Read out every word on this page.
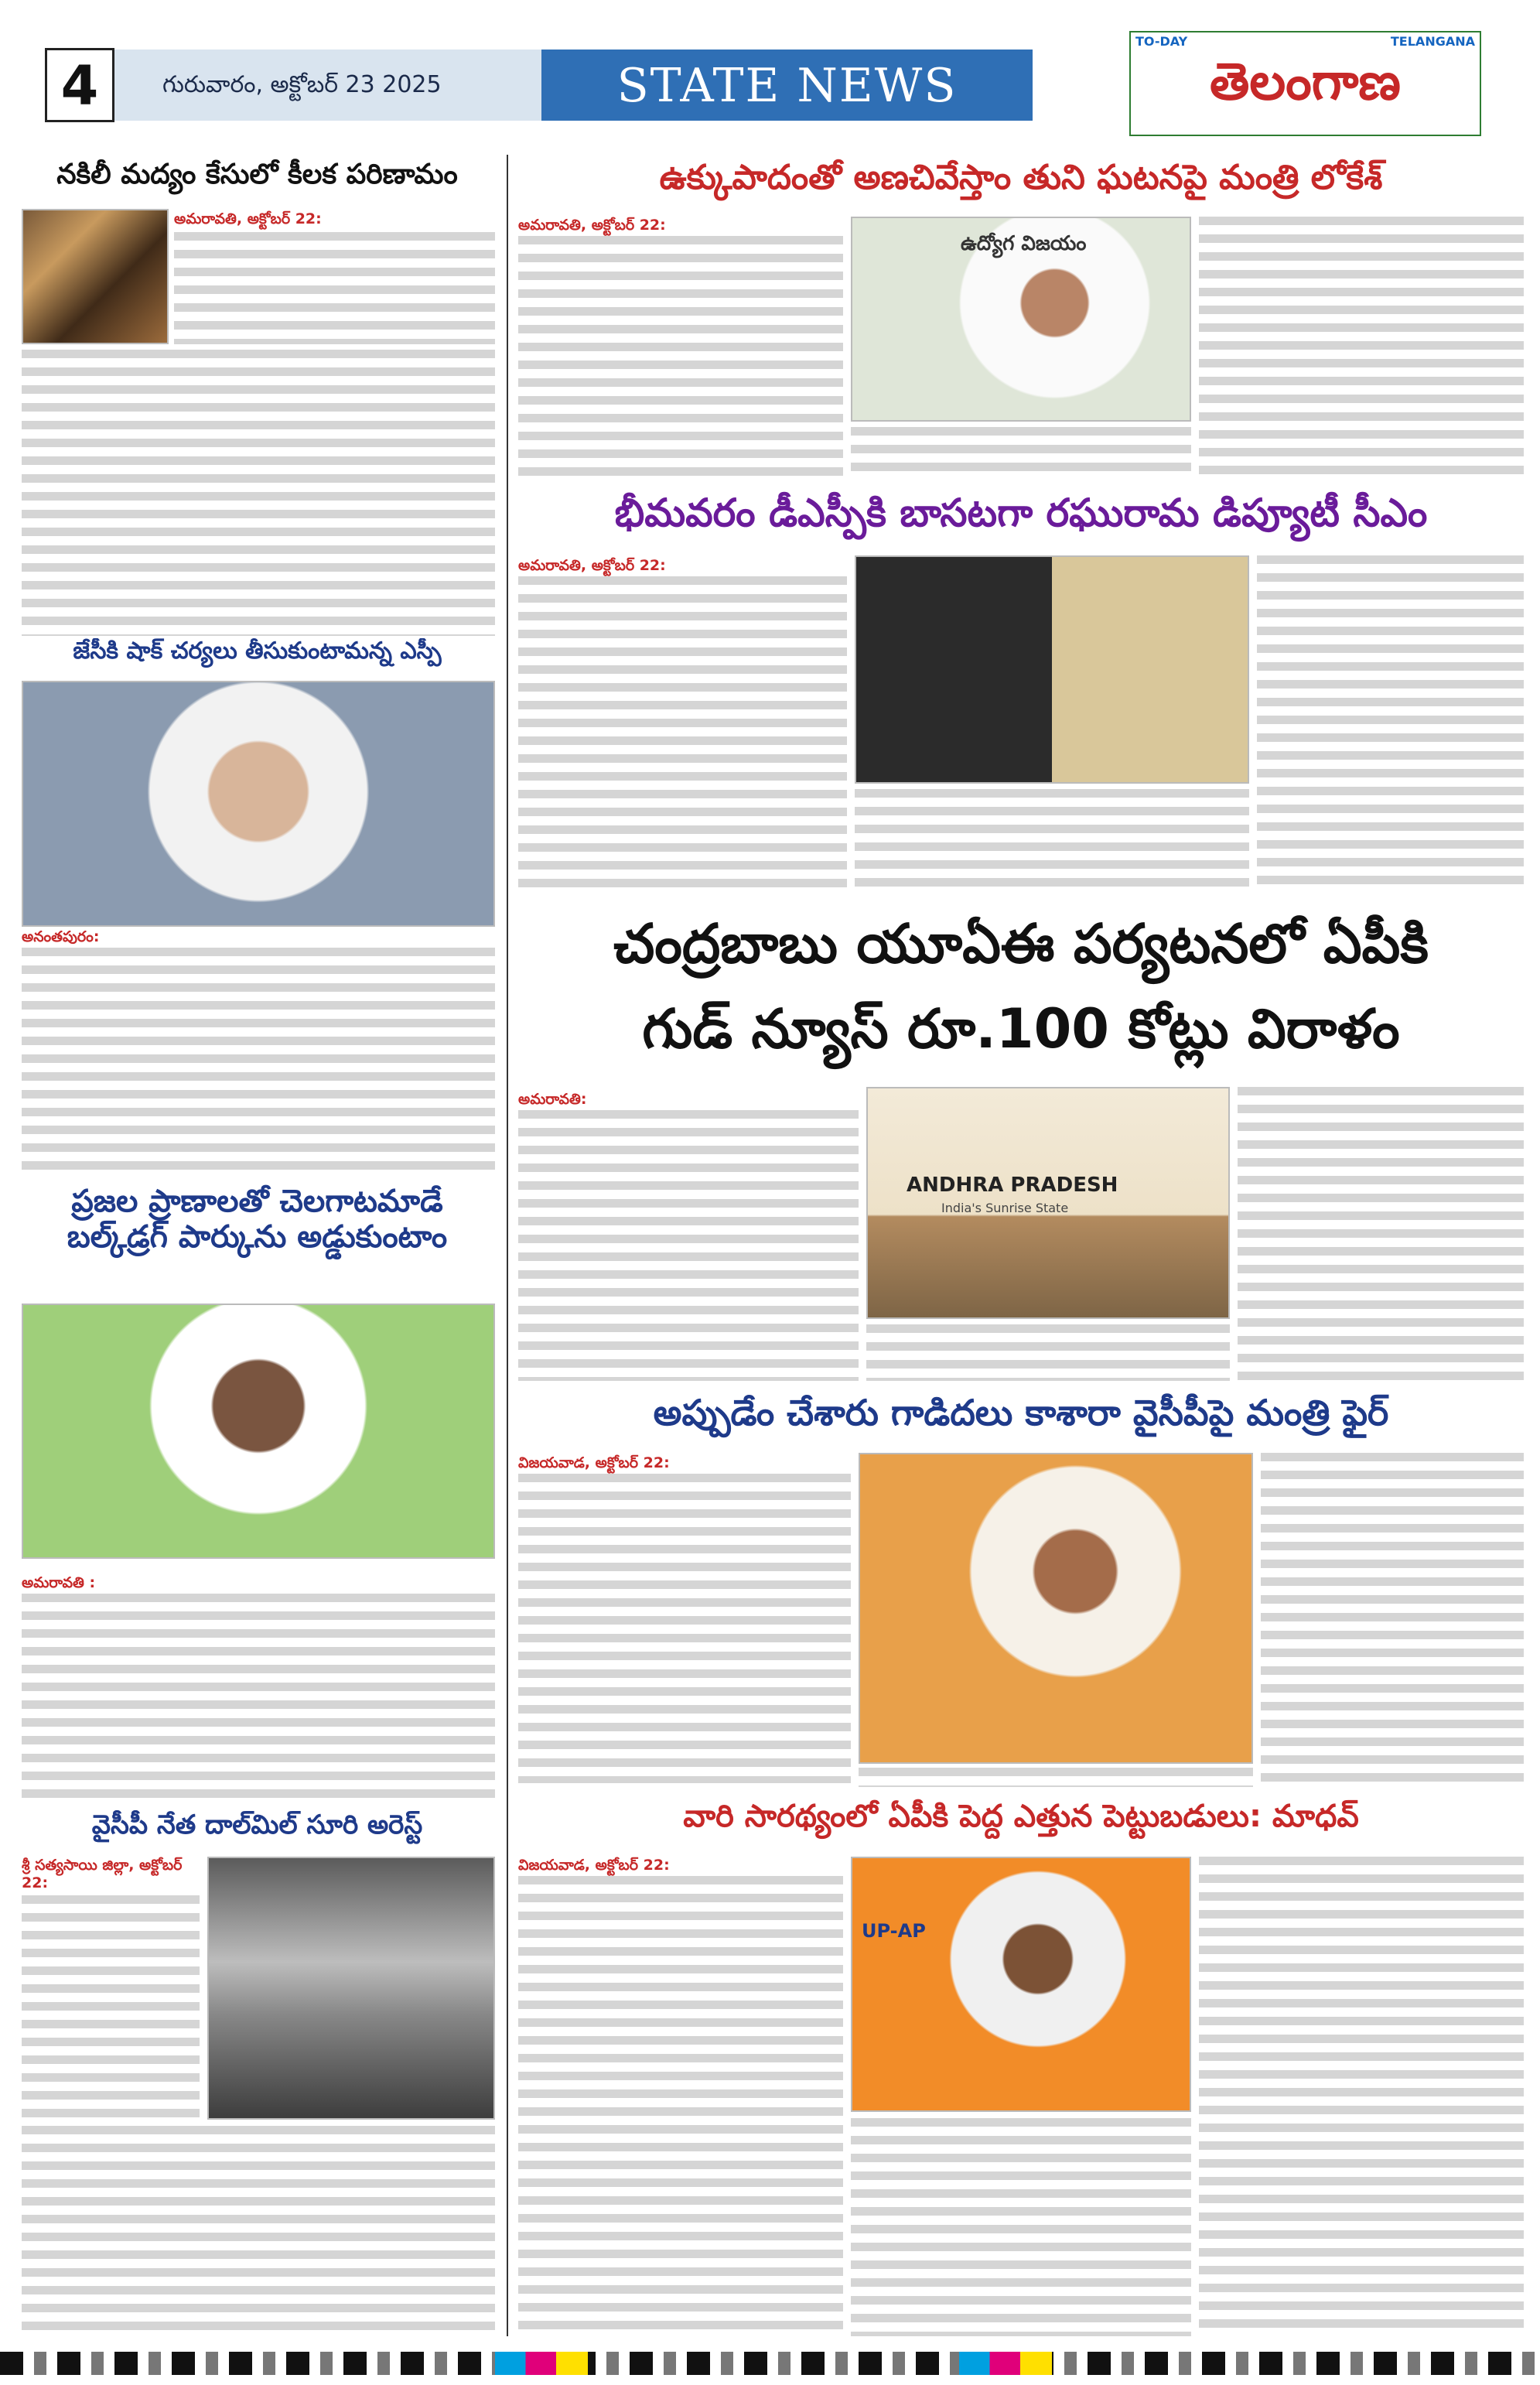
4	గురువారం, అక్టోబర్ 23 2025	STATE NEWS
TO-DAY	TELANGANA
తెలంగాణ
నకిలీ మద్యం కేసులో కీలక పరిణామం
అమరావతి, అక్టోబర్ 22:
జేసీకి షాక్ చర్యలు తీసుకుంటామన్న ఎస్పీ
అనంతపురం:
ప్రజల ప్రాణాలతో చెలగాటమాడే బల్క్‌డ్రగ్ పార్కును అడ్డుకుంటాం
అమరావతి :
వైసీపీ నేత దాల్‌మిల్ సూరి అరెస్ట్
శ్రీ సత్యసాయి జిల్లా, అక్టోబర్ 22:
ఉక్కుపాదంతో అణచివేస్తాం తుని ఘటనపై మంత్రి లోకేశ్
అమరావతి, అక్టోబర్ 22:
ఉద్యోగ విజయం
భీమవరం డీఎస్పీకి బాసటగా రఘురామ డిప్యూటీ సీఎం
అమరావతి, అక్టోబర్ 22:
చంద్రబాబు యూఏఈ పర్యటనలో ఏపీకి
గుడ్ న్యూస్ రూ.100 కోట్లు విరాళం
అమరావతి:
ANDHRA PRADESH
India's Sunrise State
అప్పుడేం చేశారు గాడిదలు కాశారా వైసీపీపై మంత్రి ఫైర్
విజయవాడ, అక్టోబర్ 22:
వారి సారథ్యంలో ఏపీకి పెద్ద ఎత్తున పెట్టుబడులు: మాధవ్
విజయవాడ, అక్టోబర్ 22:
UP-AP
